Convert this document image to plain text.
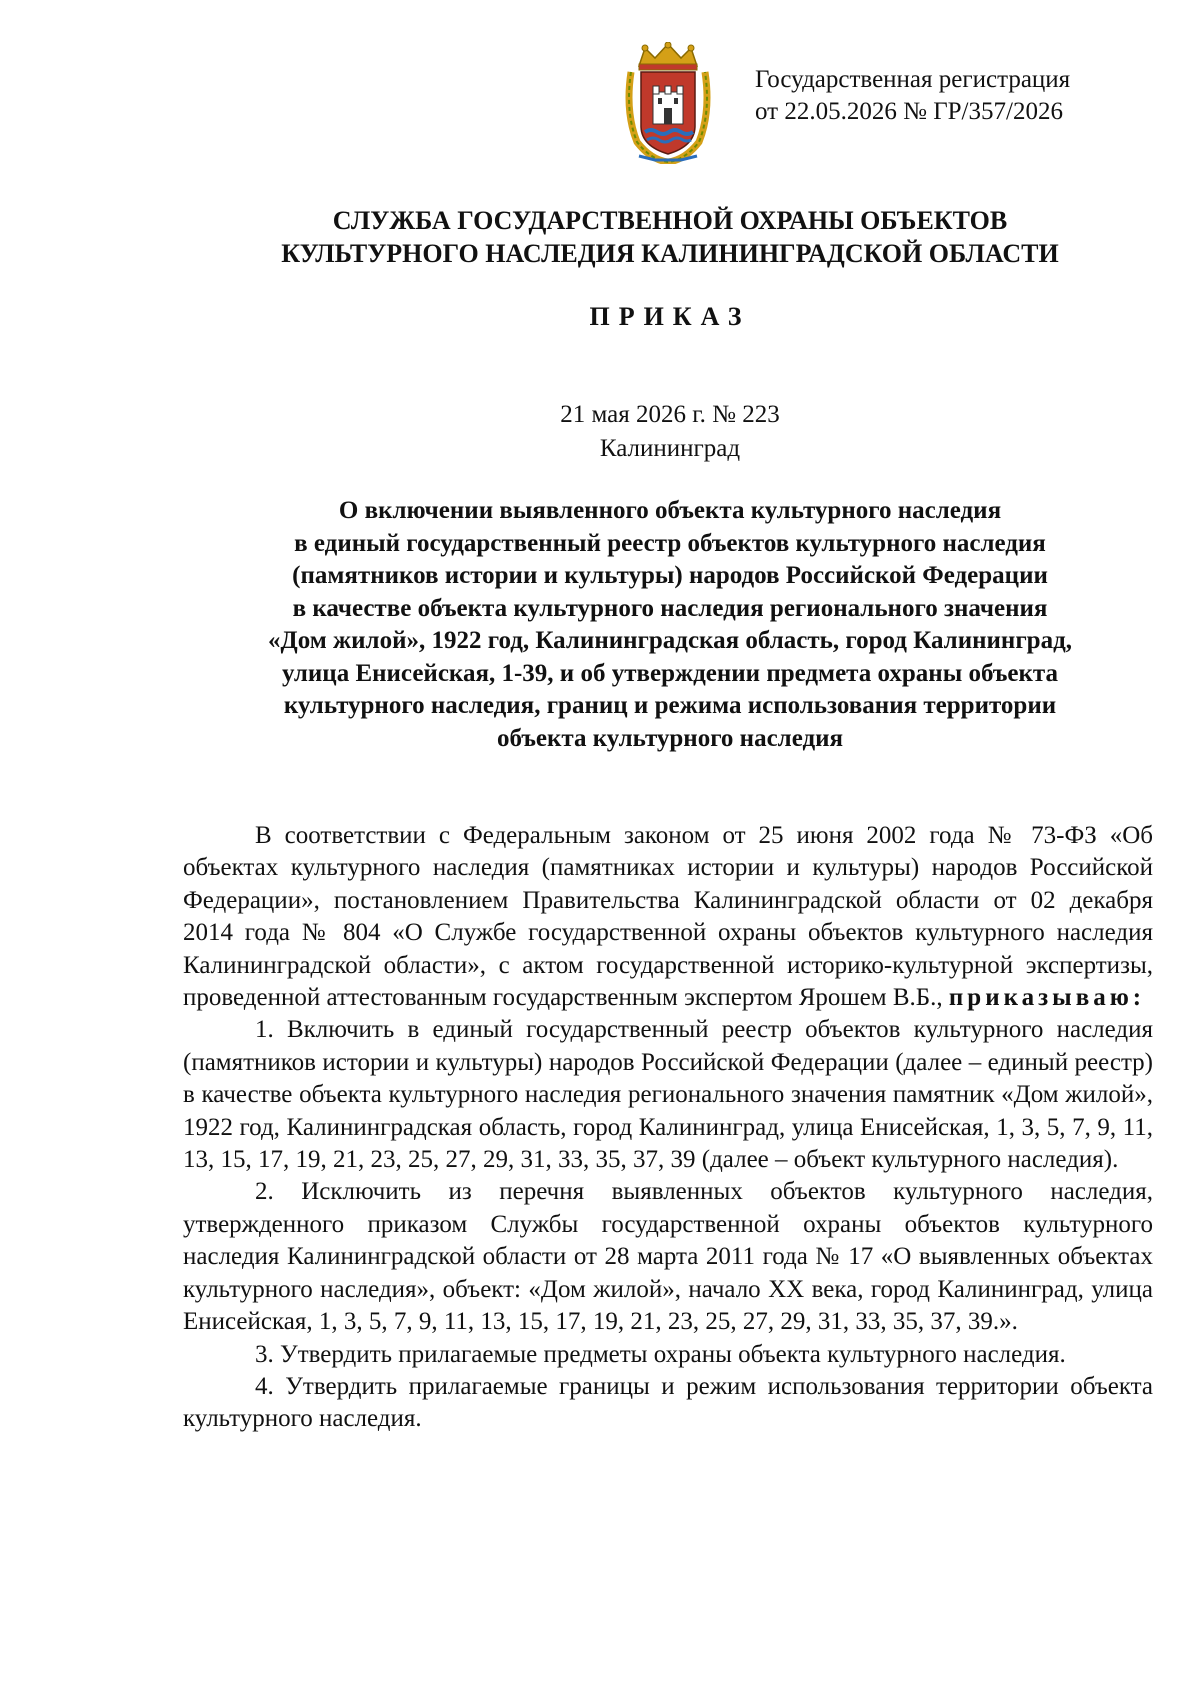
Государственная регистрация
от 22.05.2026 № ГР/357/2026
СЛУЖБА ГОСУДАРСТВЕННОЙ ОХРАНЫ ОБЪЕКТОВ
КУЛЬТУРНОГО НАСЛЕДИЯ КАЛИНИНГРАДСКОЙ ОБЛАСТИ
ПРИКАЗ
21 мая 2026 г. № 223
Калининград
О включении выявленного объекта культурного наследия
в единый государственный реестр объектов культурного наследия
(памятников истории и культуры) народов Российской Федерации
в качестве объекта культурного наследия регионального значения
«Дом жилой», 1922 год, Калининградская область, город Калининград,
улица Енисейская, 1-39, и об утверждении предмета охраны объекта
культурного наследия, границ и режима использования территории
объекта культурного наследия

В соответствии с Федеральным законом от 25 июня 2002 года № 73-ФЗ «Об объектах культурного наследия (памятниках истории и культуры) народов Российской Федерации», постановлением Правительства Калининградской области от 02 декабря 2014 года № 804 «О Службе государственной охраны объектов культурного наследия Калининградской области», с актом государственной историко-культурной экспертизы, проведенной аттестованным государственным экспертом Ярошем В.Б., приказываю:

1. Включить в единый государственный реестр объектов культурного наследия (памятников истории и культуры) народов Российской Федерации (далее – единый реестр) в качестве объекта культурного наследия регионального значения памятник «Дом жилой», 1922 год, Калининградская область, город Калининград, улица Енисейская, 1, 3, 5, 7, 9, 11, 13, 15, 17, 19, 21, 23, 25, 27, 29, 31, 33, 35, 37, 39 (далее – объект культурного наследия).

2. Исключить из перечня выявленных объектов культурного наследия, утвержденного приказом Службы государственной охраны объектов культурного наследия Калининградской области от 28 марта 2011 года № 17 «О выявленных объектах культурного наследия», объект: «Дом жилой», начало XX века, город Калининград, улица Енисейская, 1, 3, 5, 7, 9, 11, 13, 15, 17, 19, 21, 23, 25, 27, 29, 31, 33, 35, 37, 39.».

3. Утвердить прилагаемые предметы охраны объекта культурного наследия.

4. Утвердить прилагаемые границы и режим использования территории объекта культурного наследия.
